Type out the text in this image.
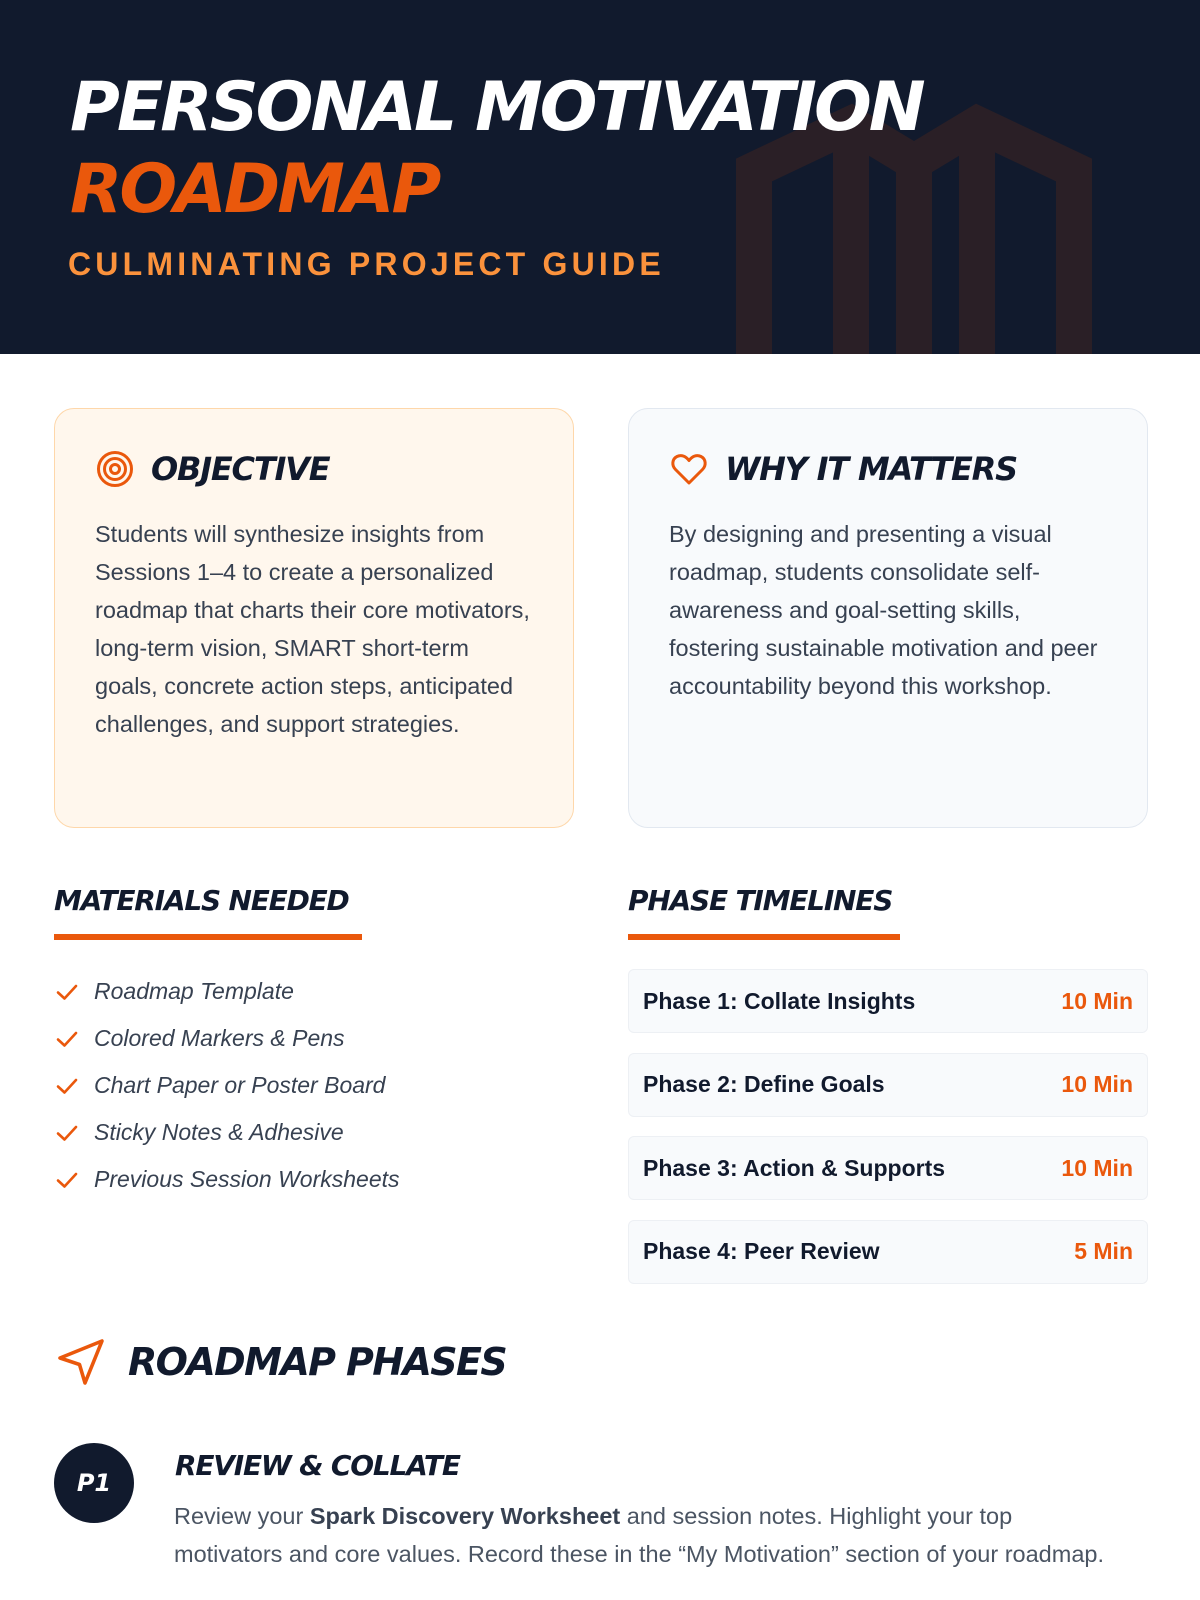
PERSONAL MOTIVATION
ROADMAP
CULMINATING PROJECT GUIDE
OBJECTIVE

Students will synthesize insights from Sessions 1–4 to create a personalized roadmap that charts their core motivators, long-term vision, SMART short-term goals, concrete action steps, anticipated challenges, and support strategies.

WHY IT MATTERS

By designing and presenting a visual roadmap, students consolidate self-awareness and goal-setting skills, fostering sustainable motivation and peer accountability beyond this workshop.

MATERIALS NEEDED
Roadmap Template
Colored Markers & Pens
Chart Paper or Poster Board
Sticky Notes & Adhesive
Previous Session Worksheets
PHASE TIMELINES
Phase 1: Collate Insights	10 Min
Phase 2: Define Goals	10 Min
Phase 3: Action & Supports	10 Min
Phase 4: Peer Review	5 Min
ROADMAP PHASES
P1
REVIEW & COLLATE

Review your Spark Discovery Worksheet and session notes. Highlight your top motivators and core values. Record these in the “My Motivation” section of your roadmap.
